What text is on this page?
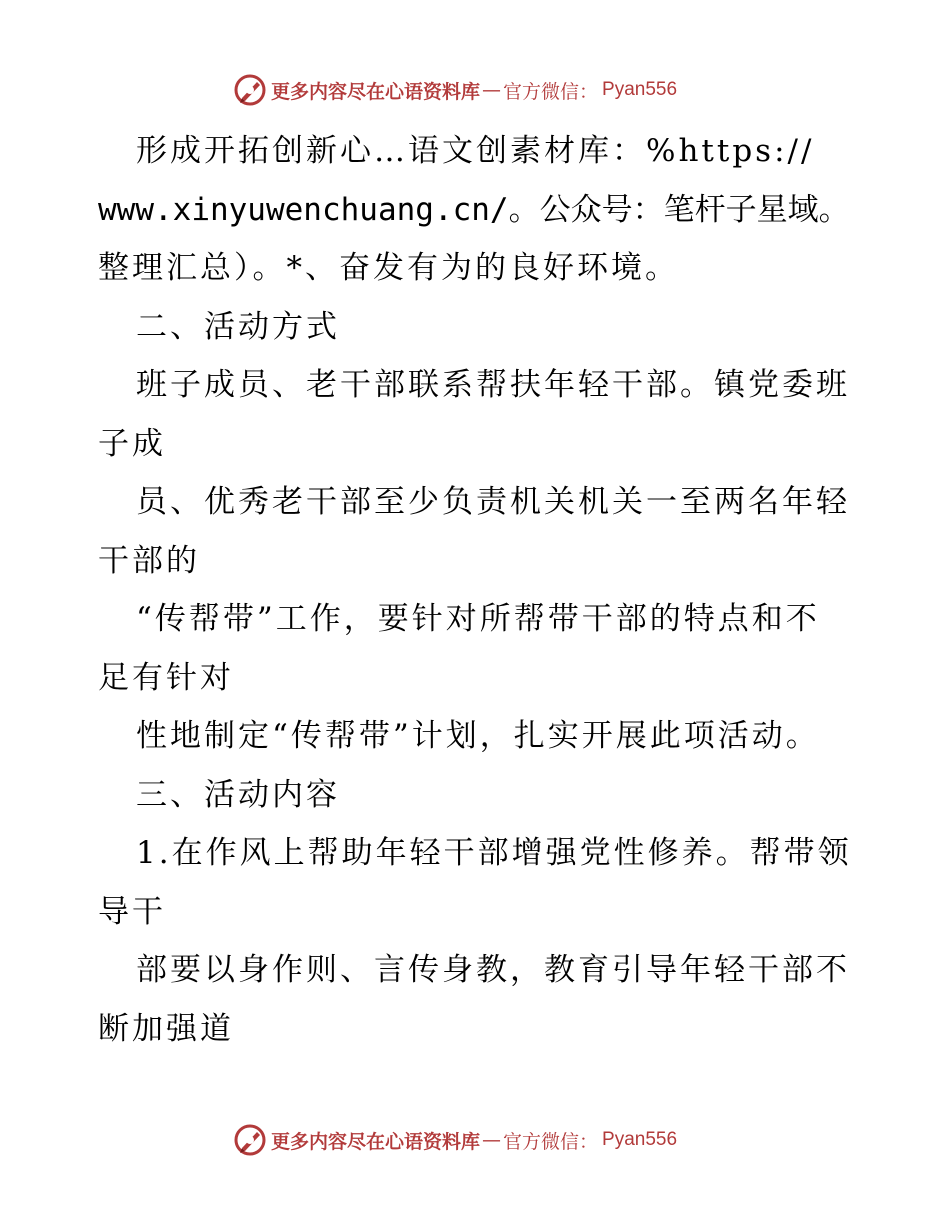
更多内容尽在心语资料库 — 官方微信： Pyan556
形成开拓创新心…语文创素材库：%https://
www.xinyuwenchuang.cn/。公众号：笔杆子星域。
整理汇总）。*、奋发有为的良好环境。
二、活动方式
班子成员、老干部联系帮扶年轻干部。镇党委班
子成
员、优秀老干部至少负责机关机关一至两名年轻
干部的
“传帮带”工作，要针对所帮带干部的特点和不
足有针对
性地制定“传帮带”计划，扎实开展此项活动。
三、活动内容
1.在作风上帮助年轻干部增强党性修养。帮带领
导干
部要以身作则、言传身教，教育引导年轻干部不
断加强道
更多内容尽在心语资料库 — 官方微信： Pyan556
